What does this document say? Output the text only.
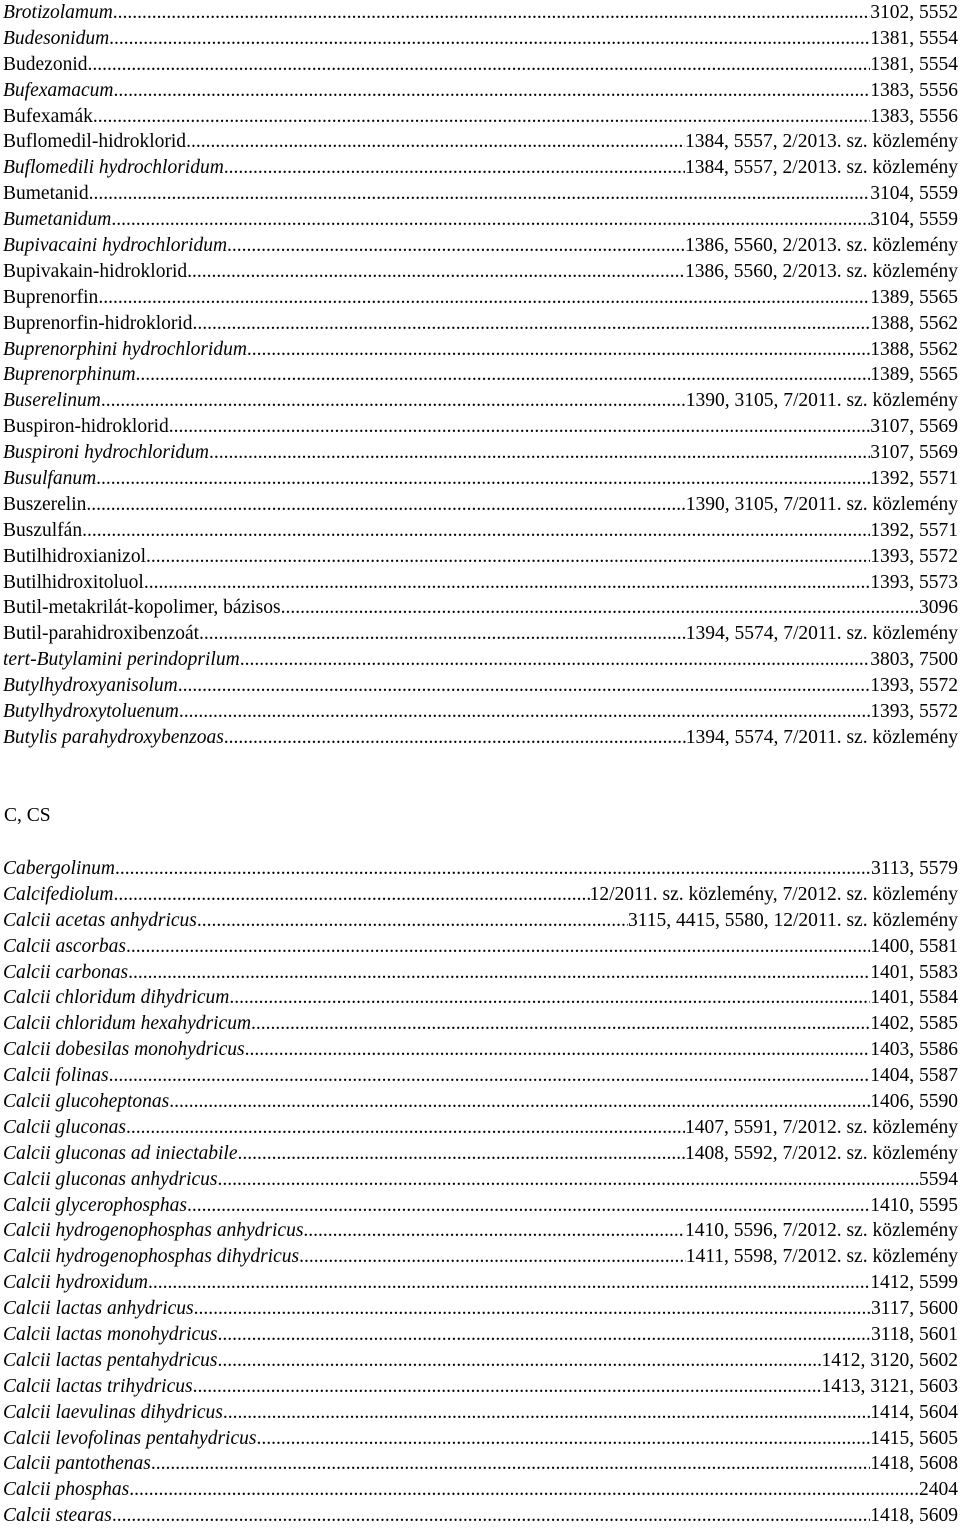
Brotizolamum .....	3102, 5552
Budesonidum .....	1381, 5554
Budezonid .....	1381, 5554
Bufexamacum .....	1383, 5556
Bufexamák .....	1383, 5556
Buflomedil-hidroklorid .....	1384, 5557, 2/2013. sz. közlemény
Buflomedili hydrochloridum .....	1384, 5557, 2/2013. sz. közlemény
Bumetanid .....	3104, 5559
Bumetanidum .....	3104, 5559
Bupivacaini hydrochloridum .....	1386, 5560, 2/2013. sz. közlemény
Bupivakain-hidroklorid .....	1386, 5560, 2/2013. sz. közlemény
Buprenorfin .....	1389, 5565
Buprenorfin-hidroklorid .....	1388, 5562
Buprenorphini hydrochloridum .....	1388, 5562
Buprenorphinum .....	1389, 5565
Buserelinum .....	1390, 3105, 7/2011. sz. közlemény
Buspiron-hidroklorid .....	3107, 5569
Buspironi hydrochloridum .....	3107, 5569
Busulfanum .....	1392, 5571
Buszerelin .....	1390, 3105, 7/2011. sz. közlemény
Buszulfán. .....	1392, 5571
Butilhidroxianizol .....	1393, 5572
Butilhidroxitoluol .....	1393, 5573
Butil-metakrilát-kopolimer, bázisos .....	3096
Butil-parahidroxibenzoát .....	1394, 5574, 7/2011. sz. közlemény
tert-Butylamini perindoprilum .....	3803, 7500
Butylhydroxyanisolum .....	1393, 5572
Butylhydroxytoluenum .....	1393, 5572
Butylis parahydroxybenzoas .....	1394, 5574, 7/2011. sz. közlemény
C, CS
Cabergolinum .....	3113, 5579
Calcifediolum .....	12/2011. sz. közlemény, 7/2012. sz. közlemény
Calcii acetas anhydricus .....	3115, 4415, 5580, 12/2011. sz. közlemény
Calcii ascorbas .....	1400, 5581
Calcii carbonas .....	1401, 5583
Calcii chloridum dihydricum .....	1401, 5584
Calcii chloridum hexahydricum .....	1402, 5585
Calcii dobesilas monohydricus .....	1403, 5586
Calcii folinas .....	1404, 5587
Calcii glucoheptonas .....	1406, 5590
Calcii gluconas .....	1407, 5591, 7/2012. sz. közlemény
Calcii gluconas ad iniectabile .....	1408, 5592, 7/2012. sz. közlemény
Calcii gluconas anhydricus .....	5594
Calcii glycerophosphas .....	1410, 5595
Calcii hydrogenophosphas anhydricus .....	1410, 5596, 7/2012. sz. közlemény
Calcii hydrogenophosphas dihydricus .....	1411, 5598, 7/2012. sz. közlemény
Calcii hydroxidum .....	1412, 5599
Calcii lactas anhydricus .....	3117, 5600
Calcii lactas monohydricus .....	3118, 5601
Calcii lactas pentahydricus .....	1412, 3120, 5602
Calcii lactas trihydricus .....	1413, 3121, 5603
Calcii laevulinas dihydricus .....	1414, 5604
Calcii levofolinas pentahydricus .....	1415, 5605
Calcii pantothenas .....	1418, 5608
Calcii phosphas .....	2404
Calcii stearas .....	1418, 5609
